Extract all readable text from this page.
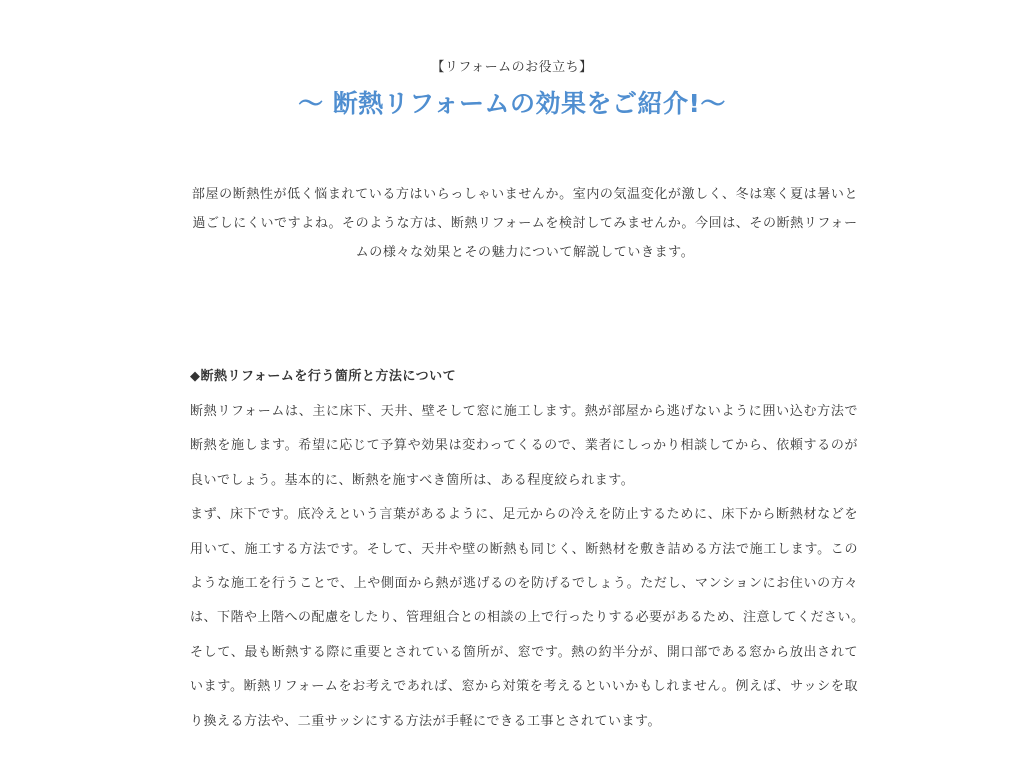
【リフォームのお役立ち】
〜 断熱リフォームの効果をご紹介!〜
部屋の断熱性が低く悩まれている方はいらっしゃいませんか。室内の気温変化が激しく、冬は寒く夏は暑いと過ごしにくいですよね。そのような方は、断熱リフォームを検討してみませんか。今回は、その断熱リフォームの様々な効果とその魅力について解説していきます。
◆断熱リフォームを行う箇所と方法について

断熱リフォームは、主に床下、天井、壁そして窓に施工します。熱が部屋から逃げないように囲い込む方法で断熱を施します。希望に応じて予算や効果は変わってくるので、業者にしっかり相談してから、依頼するのが良いでしょう。基本的に、断熱を施すべき箇所は、ある程度絞られます。

まず、床下です。底冷えという言葉があるように、足元からの冷えを防止するために、床下から断熱材などを用いて、施工する方法です。そして、天井や壁の断熱も同じく、断熱材を敷き詰める方法で施工します。このような施工を行うことで、上や側面から熱が逃げるのを防げるでしょう。ただし、マンションにお住いの方々は、下階や上階への配慮をしたり、管理組合との相談の上で行ったりする必要があるため、注意してください。　そして、最も断熱する際に重要とされている箇所が、窓です。熱の約半分が、開口部である窓から放出されています。断熱リフォームをお考えであれば、窓から対策を考えるといいかもしれません。例えば、サッシを取り換える方法や、二重サッシにする方法が手軽にできる工事とされています。
